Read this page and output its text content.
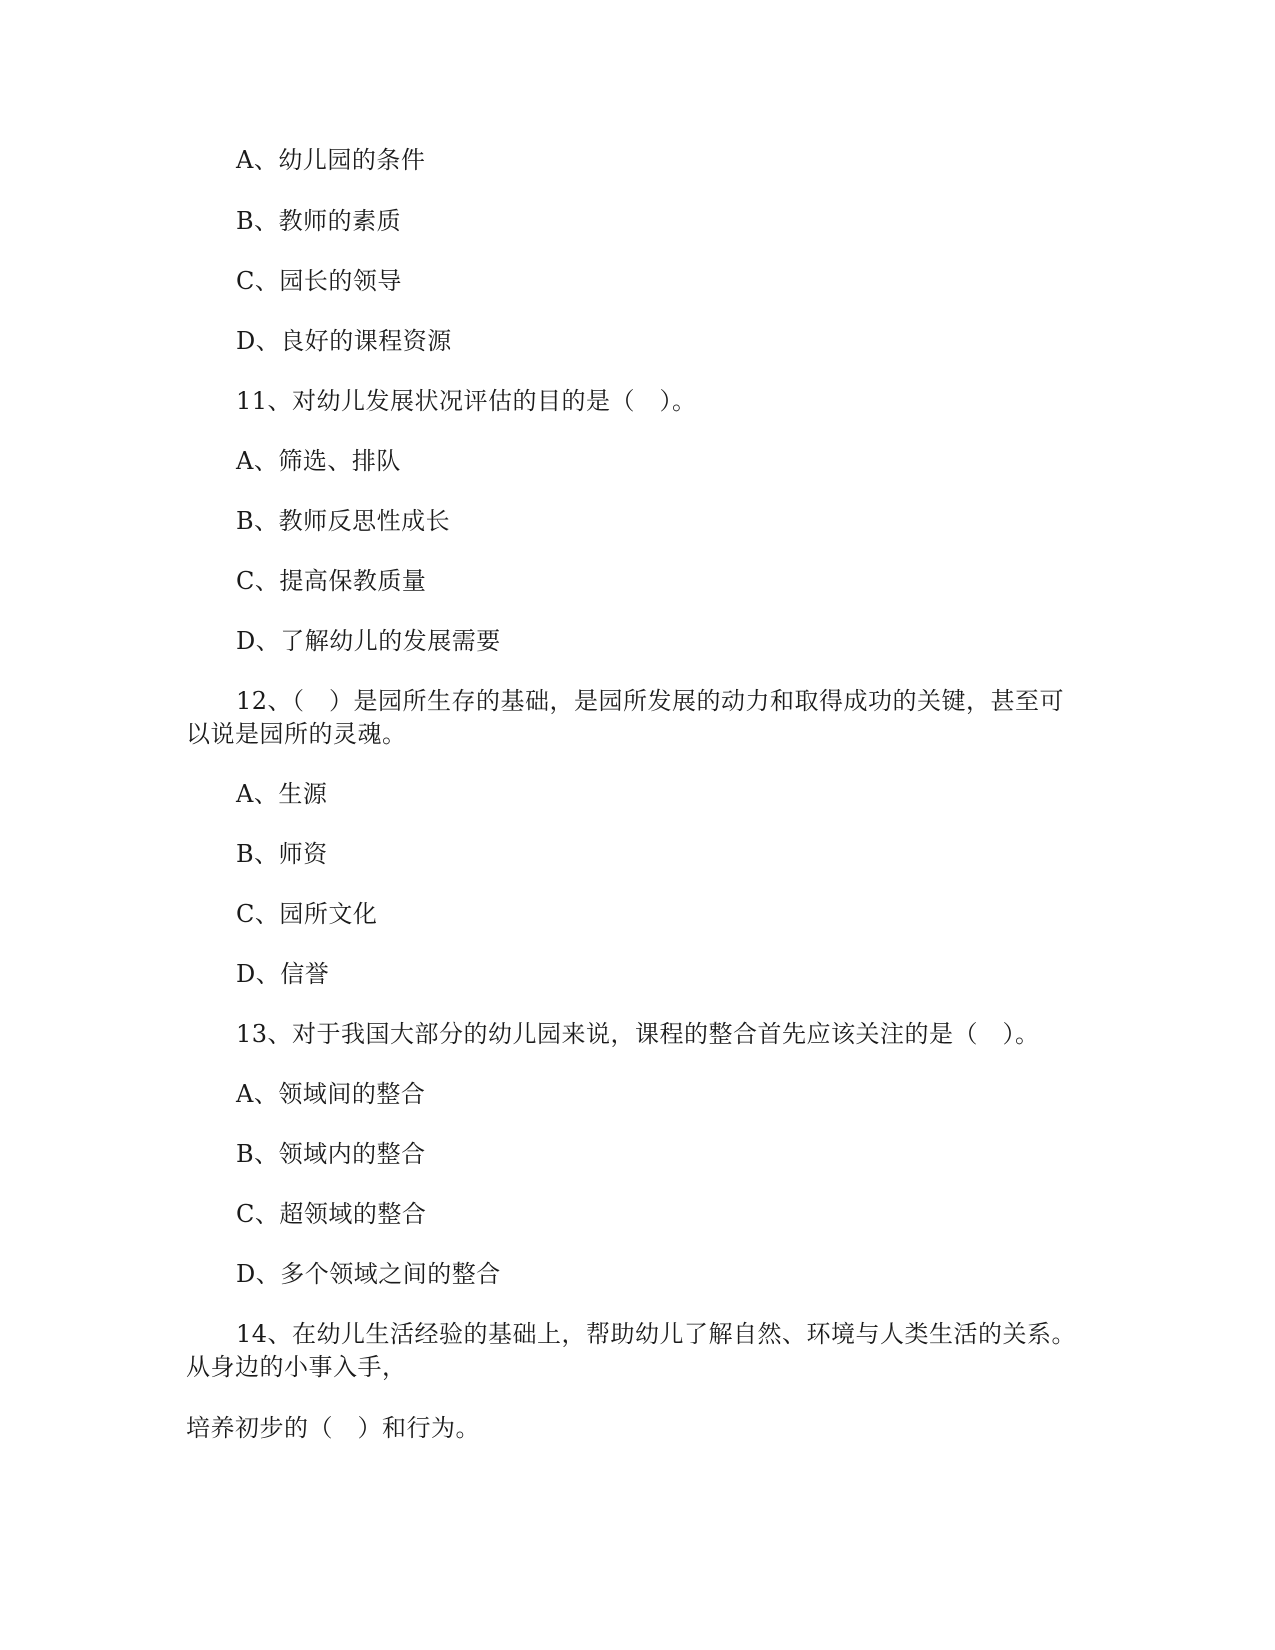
A、幼儿园的条件
B、教师的素质
C、园长的领导
D、良好的课程资源
11、对幼儿发展状况评估的目的是（　）。
A、筛选、排队
B、教师反思性成长
C、提高保教质量
D、了解幼儿的发展需要
12、（　）是园所生存的基础，是园所发展的动力和取得成功的关键，甚至可
以说是园所的灵魂。
A、生源
B、师资
C、园所文化
D、信誉
13、对于我国大部分的幼儿园来说，课程的整合首先应该关注的是（　）。
A、领域间的整合
B、领域内的整合
C、超领域的整合
D、多个领域之间的整合
14、在幼儿生活经验的基础上，帮助幼儿了解自然、环境与人类生活的关系。
从身边的小事入手，
培养初步的（　）和行为。
